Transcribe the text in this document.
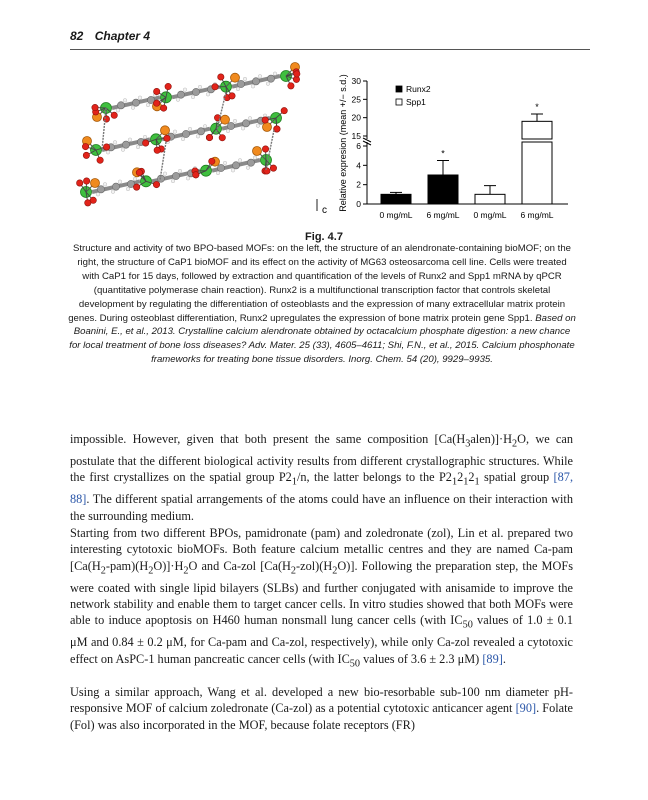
82 Chapter 4
c
0
2
4
6
15
20
25
30
Relative expresion (mean +/− s.d.)
0 mg/mL
*
6 mg/mL 0 mg/mL
*
6 mg/mL
Runx2
Spp1
Fig. 4.7
Structure and activity of two BPO-based MOFs: on the left, the structure of an alendronate-containing bioMOF; on the right, the structure of CaP1 bioMOF and its effect on the activity of MG63 osteosarcoma cell line. Cells were treated with CaP1 for 15 days, followed by extraction and quantification of the levels of Runx2 and Spp1 mRNA by qPCR (quantitative polymerase chain reaction). Runx2 is a multifunctional transcription factor that controls skeletal development by regulating the differentiation of osteoblasts and the expression of many extracellular matrix protein genes. During osteoblast differentiation, Runx2 upregulates the expression of bone matrix protein gene Spp1. Based on Boanini, E., et al., 2013. Crystalline calcium alendronate obtained by octacalcium phosphate digestion: a new chance for local treatment of bone loss diseases? Adv. Mater. 25 (33), 4605–4611; Shi, F.N., et al., 2015. Calcium phosphonate frameworks for treating bone tissue disorders. Inorg. Chem. 54 (20), 9929–9935.

impossible. However, given that both present the same composition $[Ca(H_3alen)]\cdot H_2O$, we can postulate that the different biological activity results from different crystallographic structures. While the first crystallizes on the spatial group $P2_1/n$, the latter belongs to the $P2_12_12_1$ spatial group [87, 88]. The different spatial arrangements of the atoms could have an influence on their interaction with the surrounding medium.

Starting from two different BPOs, pamidronate (pam) and zoledronate (zol), Lin et al. prepared two interesting cytotoxic bioMOFs. Both feature calcium metallic centres and they are named Ca-pam $[Ca(H_2-pam)(H_2O)]\cdot H_2O$ and Ca-zol $[Ca(H_2-zol)(H_2O)]$. Following the preparation step, the MOFs were coated with single lipid bilayers (SLBs) and further conjugated with anisamide to improve the network stability and enable them to target cancer cells. In vitro studies showed that both MOFs were able to induce apoptosis on H460 human nonsmall lung cancer cells (with $IC_{50}$ values of 1.0 ± 0.1 μM and 0.84 ± 0.2 μM, for Ca-pam and Ca-zol, respectively), while only Ca-zol revealed a cytotoxic effect on AsPC-1 human pancreatic cancer cells (with $IC_{50}$ values of 3.6 ± 2.3 μM) [89].

Using a similar approach, Wang et al. developed a new bio-resorbable sub-100 nm diameter pH-responsive MOF of calcium zoledronate (Ca-zol) as a potential cytotoxic anticancer agent [90]. Folate (Fol) was also incorporated in the MOF, because folate receptors (FR)
